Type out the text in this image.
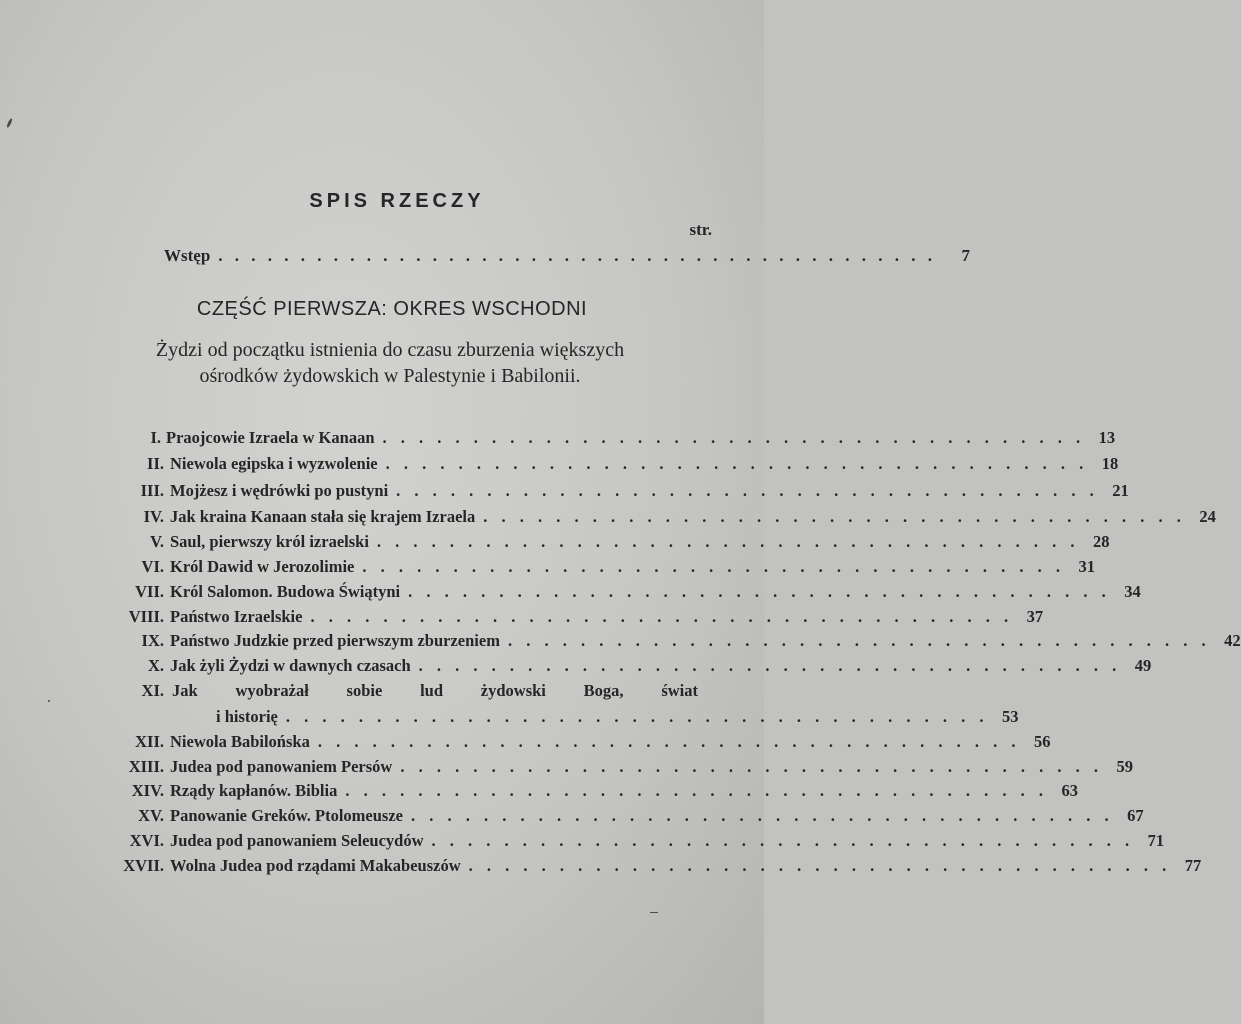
SPIS RZECZY
str.
Wstęp . . . . . . . . . . . . . . . . . . . . . . . . . . . . . . . . . . . . . . . . . . . .	7
CZĘŚĆ PIERWSZA: OKRES WSCHODNI
Żydzi od początku istnienia do czasu zburzenia większych ośrodków żydowskich w Palestynie i Babilonii.
I. Praojcowie Izraela w Kanaan . . . . . . . . . . . . . . . . . . . . . . . . . . . . . . . . . . . . . . . 13
II. Niewola egipska i wyzwolenie . . . . . . . . . . . . . . . . . . . . . . . . . . . . . . . . . . . . . . . 18
III. Mojżesz i wędrówki po pustyni . . . . . . . . . . . . . . . . . . . . . . . . . . . . . . . . . . . . . . . 21
IV. Jak kraina Kanaan stała się krajem Izraela . . . . . . . . . . . . . . . . . . . . . . . . . . . . . . . . . . . . . . . 24
V. Saul, pierwszy król izraelski . . . . . . . . . . . . . . . . . . . . . . . . . . . . . . . . . . . . . . . 28
VI. Król Dawid w Jerozolimie . . . . . . . . . . . . . . . . . . . . . . . . . . . . . . . . . . . . . . . 31
VII. Król Salomon. Budowa Świątyni . . . . . . . . . . . . . . . . . . . . . . . . . . . . . . . . . . . . . . . 34
VIII. Państwo Izraelskie . . . . . . . . . . . . . . . . . . . . . . . . . . . . . . . . . . . . . . . 37
IX. Państwo Judzkie przed pierwszym zburzeniem . . . . . . . . . . . . . . . . . . . . . . . . . . . . . . . . . . . . . . . 42
X. Jak żyli Żydzi w dawnych czasach . . . . . . . . . . . . . . . . . . . . . . . . . . . . . . . . . . . . . . . 49
XI. Jak wyobrażał sobie lud żydowski Boga, świat
i historię . . . . . . . . . . . . . . . . . . . . . . . . . . . . . . . . . . . . . . . 53
XII. Niewola Babilońska . . . . . . . . . . . . . . . . . . . . . . . . . . . . . . . . . . . . . . . 56
XIII. Judea pod panowaniem Persów . . . . . . . . . . . . . . . . . . . . . . . . . . . . . . . . . . . . . . . 59
XIV. Rządy kapłanów. Biblia . . . . . . . . . . . . . . . . . . . . . . . . . . . . . . . . . . . . . . . 63
XV. Panowanie Greków. Ptolomeusze . . . . . . . . . . . . . . . . . . . . . . . . . . . . . . . . . . . . . . . 67
XVI. Judea pod panowaniem Seleucydów . . . . . . . . . . . . . . . . . . . . . . . . . . . . . . . . . . . . . . . 71
XVII. Wolna Judea pod rządami Makabeuszów . . . . . . . . . . . . . . . . . . . . . . . . . . . . . . . . . . . . . . . 77
